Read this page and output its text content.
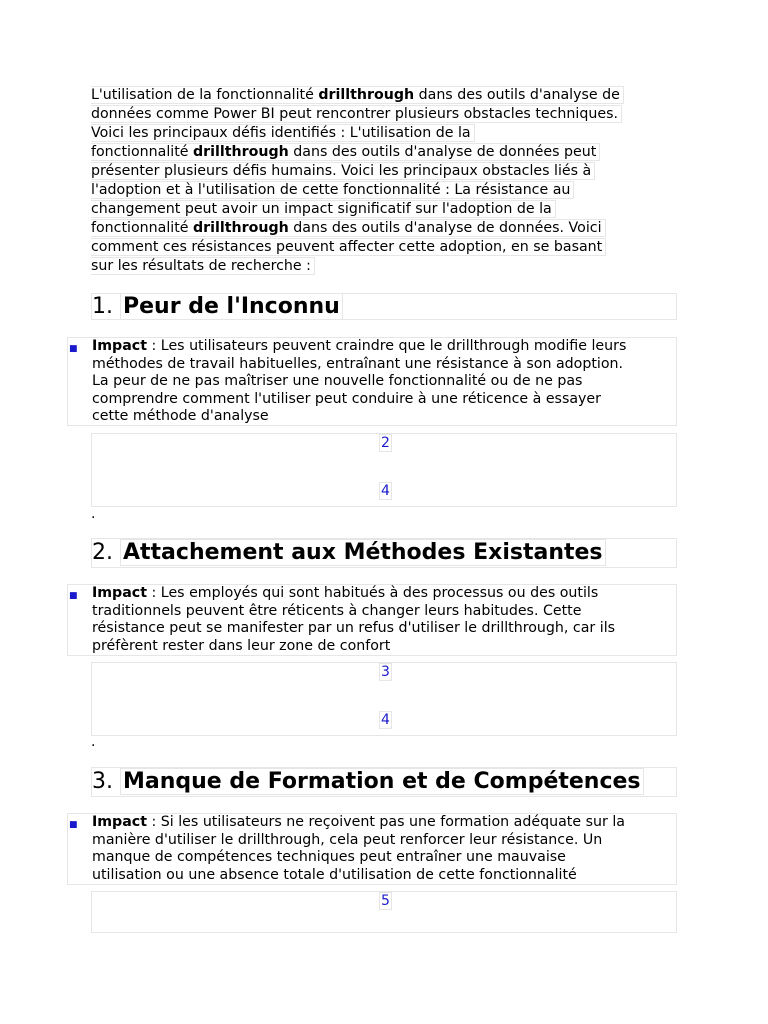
L'utilisation de la fonctionnalité drillthrough dans des outils d'analyse de
données comme Power BI peut rencontrer plusieurs obstacles techniques.
Voici les principaux défis identifiés : L'utilisation de la
fonctionnalité drillthrough dans des outils d'analyse de données peut
présenter plusieurs défis humains. Voici les principaux obstacles liés à
l'adoption et à l'utilisation de cette fonctionnalité : La résistance au
changement peut avoir un impact significatif sur l'adoption de la
fonctionnalité drillthrough dans des outils d'analyse de données. Voici
comment ces résistances peuvent affecter cette adoption, en se basant
sur les résultats de recherche :
1. Peur de l'Inconnu
■ Impact : Les utilisateurs peuvent craindre que le drillthrough modifie leurs
méthodes de travail habituelles, entraînant une résistance à son adoption.
La peur de ne pas maîtriser une nouvelle fonctionnalité ou de ne pas
comprendre comment l'utiliser peut conduire à une réticence à essayer
cette méthode d'analyse
2
4
.
2. Attachement aux Méthodes Existantes
■ Impact : Les employés qui sont habitués à des processus ou des outils
traditionnels peuvent être réticents à changer leurs habitudes. Cette
résistance peut se manifester par un refus d'utiliser le drillthrough, car ils
préfèrent rester dans leur zone de confort
3
4
.
3. Manque de Formation et de Compétences
■ Impact : Si les utilisateurs ne reçoivent pas une formation adéquate sur la
manière d'utiliser le drillthrough, cela peut renforcer leur résistance. Un
manque de compétences techniques peut entraîner une mauvaise
utilisation ou une absence totale d'utilisation de cette fonctionnalité
5
